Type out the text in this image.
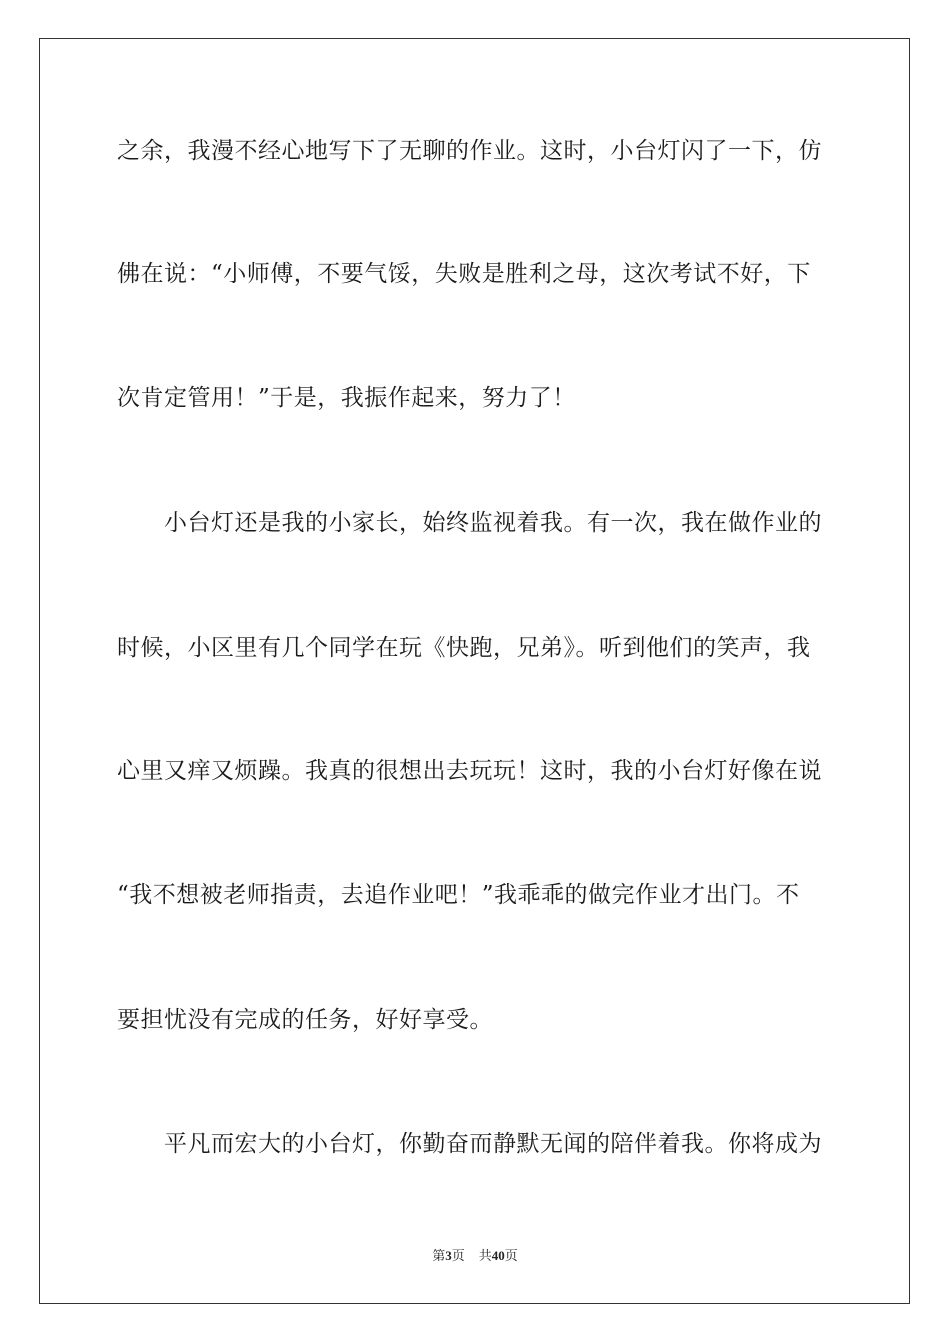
之余，我漫不经心地写下了无聊的作业。这时，小台灯闪了一下，仿
佛在说：“小师傅，不要气馁，失败是胜利之母，这次考试不好，下
次肯定管用！”于是，我振作起来，努力了！
小台灯还是我的小家长，始终监视着我。有一次，我在做作业的
时候，小区里有几个同学在玩《快跑，兄弟》。听到他们的笑声，我
心里又痒又烦躁。我真的很想出去玩玩！这时，我的小台灯好像在说
“我不想被老师指责，去追作业吧！”我乖乖的做完作业才出门。不
要担忧没有完成的任务，好好享受。
平凡而宏大的小台灯，你勤奋而静默无闻的陪伴着我。你将成为
第3页 共40页
